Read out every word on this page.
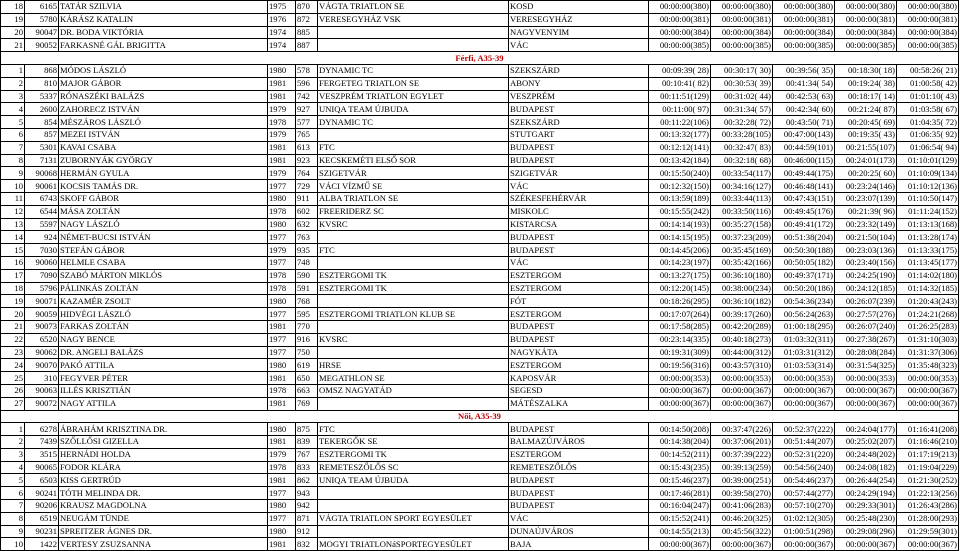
18	6165	TATÁR SZILVIA	1975	870	VÁGTA TRIATLON SE	KOSD	00:00:00(380)	00:00:00(380)	00:00:00(380)	00:00:00(380)	00:00:00(380)
19	5780	KÁRÁSZ KATALIN	1976	872	VERESEGYHÁZ VSK	VERESEGYHÁZ	00:00:00(381)	00:00:00(381)	00:00:00(381)	00:00:00(381)	00:00:00(381)
20	90047	DR. BODA VIKTÓRIA	1974	885		NAGYVENYIM	00:00:00(384)	00:00:00(384)	00:00:00(384)	00:00:00(384)	00:00:00(384)
21	90052	FARKASNÉ GÁL BRIGITTA	1974	887		VÁC	00:00:00(385)	00:00:00(385)	00:00:00(385)	00:00:00(385)	00:00:00(385)
Férfi, A35-39											
1	868	MÓDOS LÁSZLÓ	1980	578	DYNAMIC TC	SZEKSZÁRD	00:09:39( 28)	00:30:17( 30)	00:39:56( 35)	00:18:30( 18)	00:58:26( 21)
2	810	MAJOR GÁBOR	1981	596	FERGETEG TRIATLON SE	ABONY	00:10:41( 82)	00:30:53( 39)	00:41:34( 54)	00:19:24( 38)	01:00:58( 42)
3	5337	RÓNASZÉKI BALÁZS	1981	742	VESZPRÉM TRIATLON EGYLET	VESZPRÉM	00:11:51(129)	00:31:02( 44)	00:42:53( 63)	00:18:17( 14)	01:01:10( 43)
4	2600	ZAHORECZ ISTVÁN	1979	927	UNIQA TEAM ÚJBUDA	BUDAPEST	00:11:00( 97)	00:31:34( 57)	00:42:34( 60)	00:21:24( 87)	01:03:58( 67)
5	854	MÉSZÁROS LÁSZLÓ	1978	577	DYNAMIC TC	SZEKSZÁRD	00:11:22(106)	00:32:28( 72)	00:43:50( 71)	00:20:45( 69)	01:04:35( 72)
6	857	MEZEI ISTVÁN	1979	765		STUTGART	00:13:32(177)	00:33:28(105)	00:47:00(143)	00:19:35( 43)	01:06:35( 92)
7	5301	KAVAI CSABA	1981	613	FTC	BUDAPEST	00:12:12(141)	00:32:47( 83)	00:44:59(101)	00:21:55(107)	01:06:54( 94)
8	7131	ZUBORNYÁK GYÖRGY	1981	923	KECSKEMÉTI ELSŐ SOR	BUDAPEST	00:13:42(184)	00:32:18( 68)	00:46:00(115)	00:24:01(173)	01:10:01(129)
9	90068	HERMÁN GYULA	1979	764	SZIGETVÁR	SZIGETVÁR	00:15:50(240)	00:33:54(117)	00:49:44(175)	00:20:25( 60)	01:10:09(134)
10	90061	KOCSIS TAMÁS DR.	1977	729	VÁCI VÍZMŰ SE	VÁC	00:12:32(150)	00:34:16(127)	00:46:48(141)	00:23:24(146)	01:10:12(136)
11	6743	SKOFF GÁBOR	1980	911	ALBA TRIATLON SE	SZÉKESFEHÉRVÁR	00:13:59(189)	00:33:44(113)	00:47:43(151)	00:23:07(139)	01:10:50(147)
12	6544	MÁSA ZOLTÁN	1978	602	FREERIDERZ SC	MISKOLC	00:15:55(242)	00:33:50(116)	00:49:45(176)	00:21:39( 96)	01:11:24(152)
13	5597	NAGY LÁSZLÓ	1980	632	KVSRC	KISTARCSA	00:14:14(193)	00:35:27(158)	00:49:41(172)	00:23:32(149)	01:13:13(168)
14	924	NÉMET-BUCSI ISTVÁN	1977	763		BUDAPEST	00:14:15(195)	00:37:23(209)	00:51:38(204)	00:21:50(104)	01:13:28(174)
15	7030	STEFÁN GÁBOR	1979	935	FTC	BUDAPEST	00:14:45(206)	00:35:45(169)	00:50:30(188)	00:23:03(136)	01:13:33(175)
16	90060	HELMLE CSABA	1977	748		VÁC	00:14:23(197)	00:35:42(166)	00:50:05(182)	00:23:40(156)	01:13:45(177)
17	7090	SZABÓ MÁRTON MIKLÓS	1978	590	ESZTERGOMI TK	ESZTERGOM	00:13:27(175)	00:36:10(180)	00:49:37(171)	00:24:25(190)	01:14:02(180)
18	5796	PÁLINKÁS ZOLTÁN	1978	591	ESZTERGOMI TK	ESZTERGOM	00:12:20(145)	00:38:00(234)	00:50:20(186)	00:24:12(185)	01:14:32(185)
19	90071	KAZAMÉR ZSOLT	1980	768		FÓT	00:18:26(295)	00:36:10(182)	00:54:36(234)	00:26:07(239)	01:20:43(243)
20	90059	HIDVÉGI LÁSZLÓ	1977	595	ESZTERGOMI TRIATLON KLUB SE	ESZTERGOM	00:17:07(264)	00:39:17(260)	00:56:24(263)	00:27:57(276)	01:24:21(268)
21	90073	FARKAS ZOLTÁN	1981	770		BUDAPEST	00:17:58(285)	00:42:20(289)	01:00:18(295)	00:26:07(240)	01:26:25(283)
22	6520	NAGY BENCE	1977	916	KVSRC	BUDAPEST	00:23:14(335)	00:40:18(273)	01:03:32(311)	00:27:38(267)	01:31:10(303)
23	90062	DR. ANGELI BALÁZS	1977	750		NAGYKÁTA	00:19:31(309)	00:44:00(312)	01:03:31(312)	00:28:08(284)	01:31:37(306)
24	90070	PAKÓ ATTILA	1980	619	HRSE	ESZTERGOM	00:19:56(316)	00:43:57(310)	01:03:53(314)	00:31:54(325)	01:35:48(323)
25	310	FEGYVER PÉTER	1981	650	MEGATHLON SE	KAPOSVÁR	00:00:00(353)	00:00:00(353)	00:00:00(353)	00:00:00(353)	00:00:00(353)
26	90063	ILLÉS KRISZTIÁN	1978	663	OMSZ NAGYATÁD	SEGESD	00:00:00(367)	00:00:00(367)	00:00:00(367)	00:00:00(367)	00:00:00(367)
27	90072	NAGY ATTILA	1981	769		MÁTÉSZALKA	00:00:00(367)	00:00:00(367)	00:00:00(367)	00:00:00(367)	00:00:00(367)
Női, A35-39											
1	6278	ÁBRAHÁM KRISZTINA DR.	1980	875	FTC	BUDAPEST	00:14:50(208)	00:37:47(226)	00:52:37(222)	00:24:04(177)	01:16:41(208)
2	7439	SZŐLLŐSI GIZELLA	1981	839	TEKERGŐK SE	BALMAZÚJVÁROS	00:14:38(204)	00:37:06(201)	00:51:44(207)	00:25:02(207)	01:16:46(210)
3	3515	HERNÁDI HOLDA	1979	767	ESZTERGOMI TK	ESZTERGOM	00:14:52(211)	00:37:39(222)	00:52:31(220)	00:24:48(202)	01:17:19(213)
4	90065	FODOR KLÁRA	1978	833	REMETESZŐLŐS SC	REMETESZŐLŐS	00:15:43(235)	00:39:13(259)	00:54:56(240)	00:24:08(182)	01:19:04(229)
5	6503	KISS GERTRÚD	1981	862	UNIQA TEAM ÚJBUDA	BUDAPEST	00:15:46(237)	00:39:00(251)	00:54:46(237)	00:26:44(254)	01:21:30(252)
6	90241	TÓTH MELINDA DR.	1977	943		BUDAPEST	00:17:46(281)	00:39:58(270)	00:57:44(277)	00:24:29(194)	01:22:13(256)
7	90206	KRAUSZ MAGDOLNA	1980	942		BUDAPEST	00:16:04(247)	00:41:06(283)	00:57:10(270)	00:29:33(301)	01:26:43(286)
8	6519	NEUGÁM TÜNDE	1977	871	VÁGTA TRIATLON SPORT EGYESÜLET	VÁC	00:15:52(241)	00:46:20(325)	01:02:12(305)	00:25:48(230)	01:28:00(293)
9	90231	SPREITZER ÁGNES DR.	1980	912		DUNAÚJVÁROS	00:14:55(213)	00:45:56(322)	01:00:51(298)	00:29:08(296)	01:29:59(301)
10	1422	VERTESY ZSUZSANNA	1981	832	MOGYI TRIATLONáSPORTEGYESÜLET	BAJA	00:00:00(367)	00:00:00(367)	00:00:00(367)	00:00:00(367)	00:00:00(367)
